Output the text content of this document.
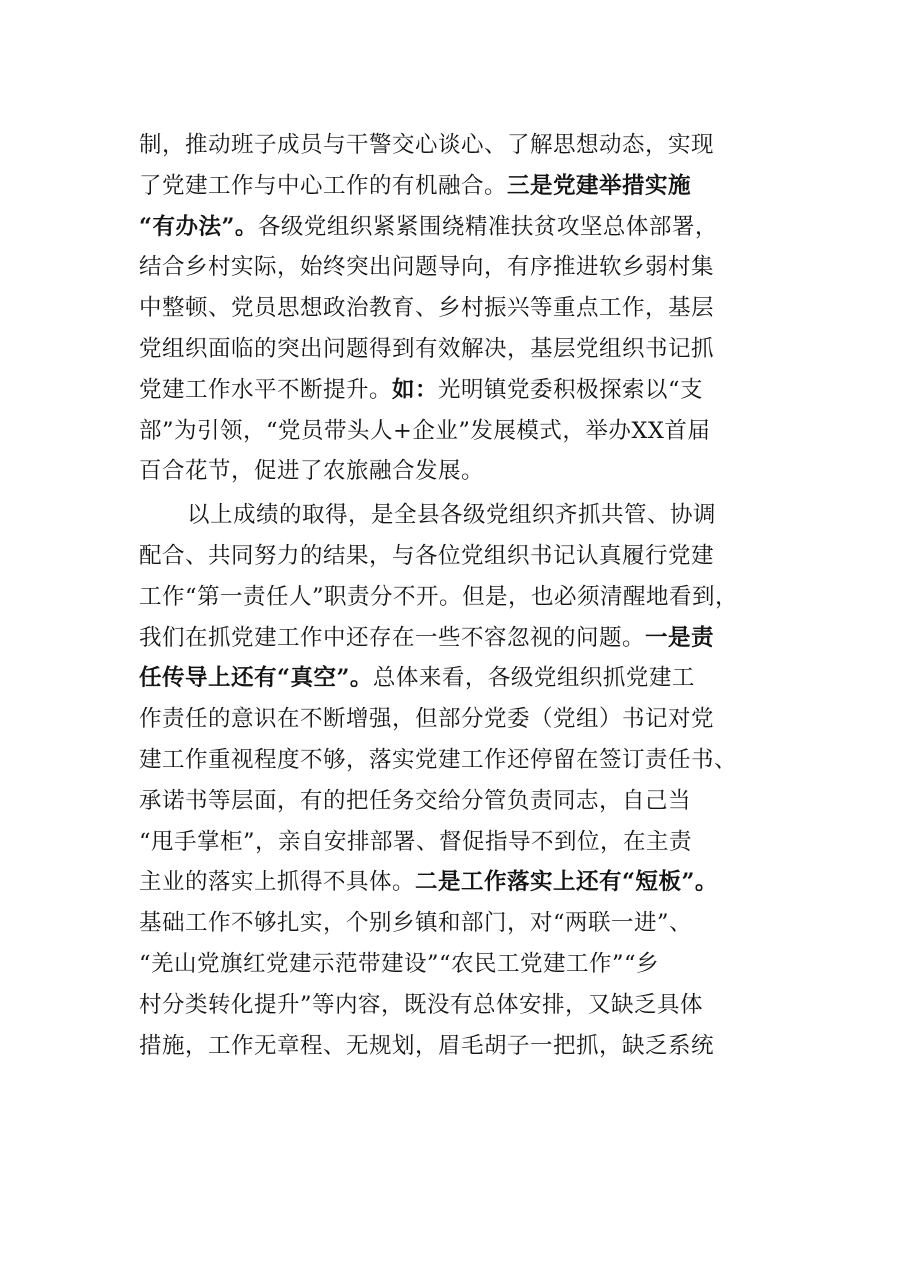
制，推动班子成员与干警交心谈心、了解思想动态，实现
了党建工作与中心工作的有机融合。三是党建举措实施
“有办法”。各级党组织紧紧围绕精准扶贫攻坚总体部署，
结合乡村实际，始终突出问题导向，有序推进软乡弱村集
中整顿、党员思想政治教育、乡村振兴等重点工作，基层
党组织面临的突出问题得到有效解决，基层党组织书记抓
党建工作水平不断提升。如：光明镇党委积极探索以“支
部”为引领，“党员带头人+企业”发展模式，举办XX首届
百合花节，促进了农旅融合发展。
以上成绩的取得，是全县各级党组织齐抓共管、协调
配合、共同努力的结果，与各位党组织书记认真履行党建
工作“第一责任人”职责分不开。但是，也必须清醒地看到，
我们在抓党建工作中还存在一些不容忽视的问题。一是责
任传导上还有“真空”。总体来看，各级党组织抓党建工
作责任的意识在不断增强，但部分党委（党组）书记对党
建工作重视程度不够，落实党建工作还停留在签订责任书、
承诺书等层面，有的把任务交给分管负责同志，自己当
“甩手掌柜”，亲自安排部署、督促指导不到位，在主责
主业的落实上抓得不具体。二是工作落实上还有“短板”。
基础工作不够扎实，个别乡镇和部门，对“两联一进”、
“羌山党旗红党建示范带建设”“农民工党建工作”“乡
村分类转化提升”等内容，既没有总体安排，又缺乏具体
措施，工作无章程、无规划，眉毛胡子一把抓，缺乏系统
